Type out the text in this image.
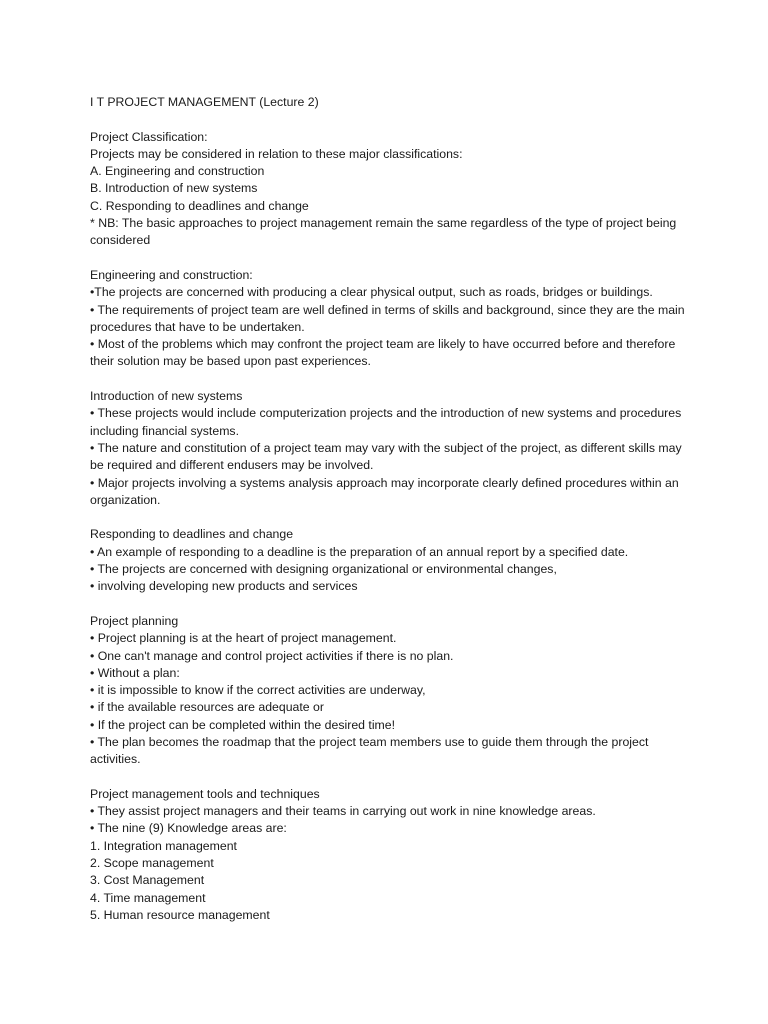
I T PROJECT MANAGEMENT (Lecture 2)
Project Classification:
Projects may be considered in relation to these major classifications:
A. Engineering and construction
B. Introduction of new systems
C. Responding to deadlines and change
* NB: The basic approaches to project management remain the same regardless of the type of project being considered
Engineering and construction:
•The projects are concerned with producing a clear physical output, such as roads, bridges or buildings.
• The requirements of project team are well defined in terms of skills and background, since they are the main procedures that have to be undertaken.
• Most of the problems which may confront the project team are likely to have occurred before and therefore their solution may be based upon past experiences.
Introduction of new systems
• These projects would include computerization projects and the introduction of new systems and procedures including financial systems.
• The nature and constitution of a project team may vary with the subject of the project, as different skills may be required and different endusers may be involved.
• Major projects involving a systems analysis approach may incorporate clearly defined procedures within an organization.
Responding to deadlines and change
• An example of responding to a deadline is the preparation of an annual report by a specified date.
• The projects are concerned with designing organizational or environmental changes,
• involving developing new products and services
Project planning
• Project planning is at the heart of project management.
• One can't manage and control project activities if there is no plan.
• Without a plan:
• it is impossible to know if the correct activities are underway,
• if the available resources are adequate or
• If the project can be completed within the desired time!
• The plan becomes the roadmap that the project team members use to guide them through the project activities.
Project management tools and techniques
• They assist project managers and their teams in carrying out work in nine knowledge areas.
• The nine (9) Knowledge areas are:
1. Integration management
2. Scope management
3. Cost Management
4. Time management
5. Human resource management
